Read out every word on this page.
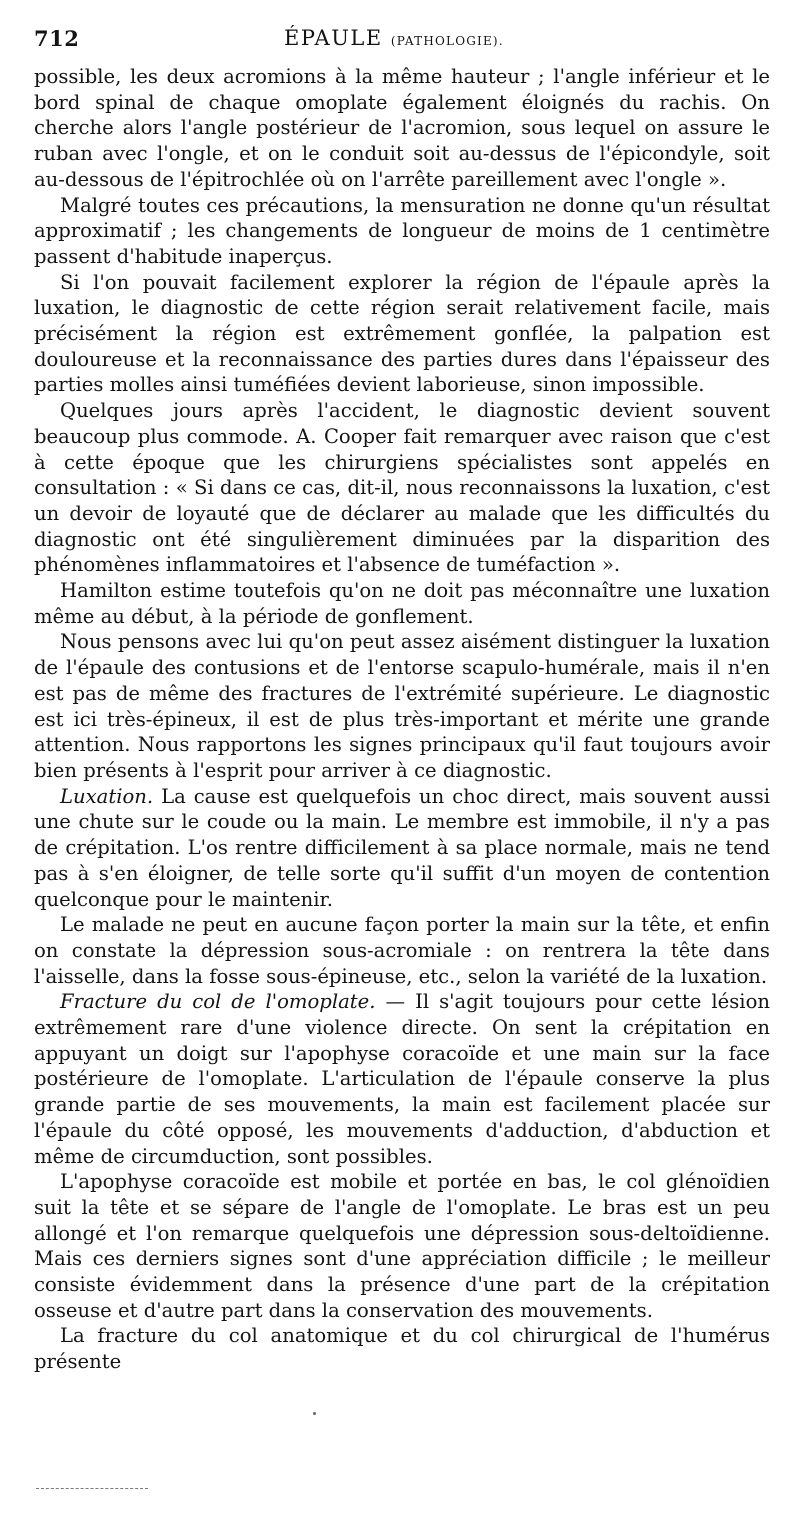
712	ÉPAULE (PATHOLOGIE).

possible, les deux acromions à la même hauteur ; l'angle inférieur et le bord spinal de chaque omoplate également éloignés du rachis. On cherche alors l'angle postérieur de l'acromion, sous lequel on assure le ruban avec l'ongle, et on le conduit soit au-dessus de l'épicondyle, soit au-dessous de l'épitrochlée où on l'arrête pareillement avec l'ongle ».

Malgré toutes ces précautions, la mensuration ne donne qu'un résultat approximatif ; les changements de longueur de moins de 1 centimètre passent d'habitude inaperçus.

Si l'on pouvait facilement explorer la région de l'épaule après la luxation, le diagnostic de cette région serait relativement facile, mais précisément la région est extrêmement gonflée, la palpation est douloureuse et la reconnaissance des parties dures dans l'épaisseur des parties molles ainsi tuméfiées devient laborieuse, sinon impossible.

Quelques jours après l'accident, le diagnostic devient souvent beaucoup plus commode. A. Cooper fait remarquer avec raison que c'est à cette époque que les chirurgiens spécialistes sont appelés en consultation : « Si dans ce cas, dit-il, nous reconnaissons la luxation, c'est un devoir de loyauté que de déclarer au malade que les difficultés du diagnostic ont été singulièrement diminuées par la disparition des phénomènes inflammatoires et l'absence de tuméfaction ».

Hamilton estime toutefois qu'on ne doit pas méconnaître une luxation même au début, à la période de gonflement.

Nous pensons avec lui qu'on peut assez aisément distinguer la luxation de l'épaule des contusions et de l'entorse scapulo-humérale, mais il n'en est pas de même des fractures de l'extrémité supérieure. Le diagnostic est ici très-épineux, il est de plus très-important et mérite une grande attention. Nous rapportons les signes principaux qu'il faut toujours avoir bien présents à l'esprit pour arriver à ce diagnostic.

Luxation. La cause est quelquefois un choc direct, mais souvent aussi une chute sur le coude ou la main. Le membre est immobile, il n'y a pas de crépitation. L'os rentre difficilement à sa place normale, mais ne tend pas à s'en éloigner, de telle sorte qu'il suffit d'un moyen de contention quelconque pour le maintenir.

Le malade ne peut en aucune façon porter la main sur la tête, et enfin on constate la dépression sous-acromiale : on rentrera la tête dans l'aisselle, dans la fosse sous-épineuse, etc., selon la variété de la luxation.

Fracture du col de l'omoplate. — Il s'agit toujours pour cette lésion extrêmement rare d'une violence directe. On sent la crépitation en appuyant un doigt sur l'apophyse coracoïde et une main sur la face postérieure de l'omoplate. L'articulation de l'épaule conserve la plus grande partie de ses mouvements, la main est facilement placée sur l'épaule du côté opposé, les mouvements d'adduction, d'abduction et même de circumduction, sont possibles.

L'apophyse coracoïde est mobile et portée en bas, le col glénoïdien suit la tête et se sépare de l'angle de l'omoplate. Le bras est un peu allongé et l'on remarque quelquefois une dépression sous-deltoïdienne. Mais ces derniers signes sont d'une appréciation difficile ; le meilleur consiste évidemment dans la présence d'une part de la crépitation osseuse et d'autre part dans la conservation des mouvements.

La fracture du col anatomique et du col chirurgical de l'humérus présente
